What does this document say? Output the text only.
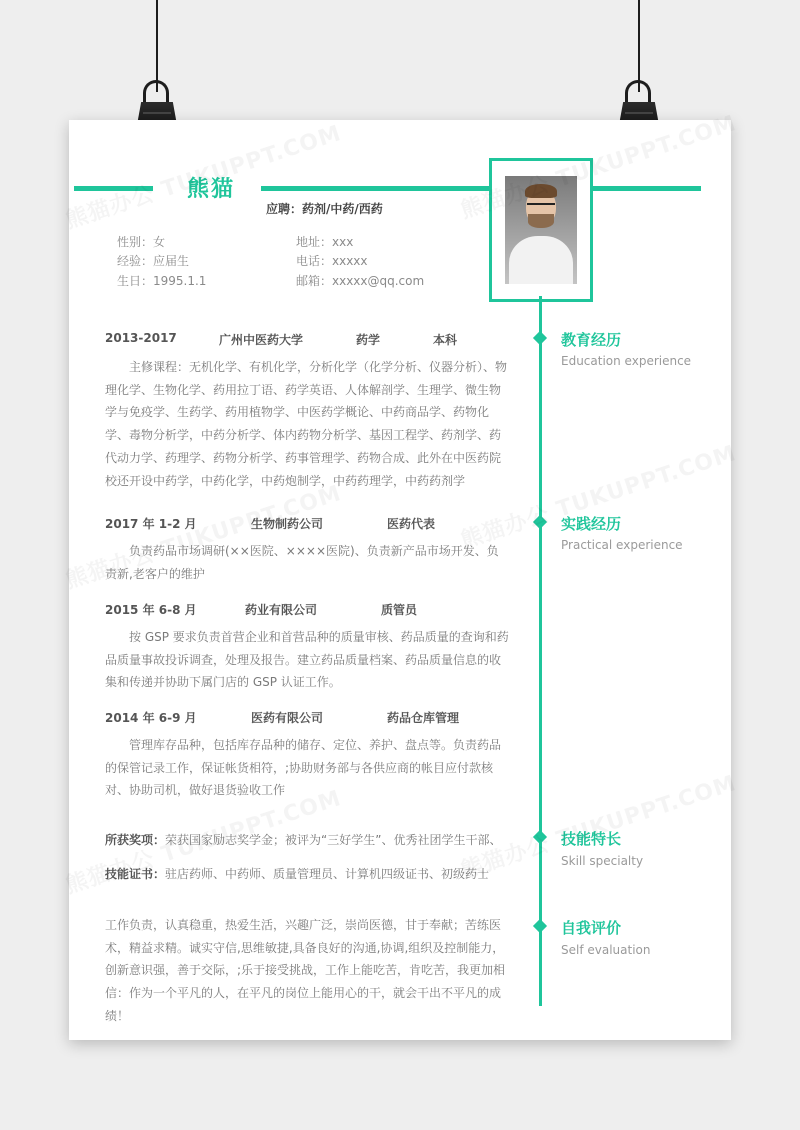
熊猫
应聘：药剂/中药/西药
性别：女
经验：应届生
生日：1995.1.1
地址：xxx
电话：xxxxx
邮箱：xxxxx@qq.com
教育经历
Education experience
实践经历
Practical experience
技能特长
Skill specialty
自我评价
Self evaluation
2013-2017	广州中医药大学	药学	本科
主修课程：无机化学、有机化学，分析化学（化学分析、仪器分析）、物理化学、生物化学、药用拉丁语、药学英语、人体解剖学、生理学、微生物学与免疫学、生药学、药用植物学、中医药学概论、中药商品学、药物化学、毒物分析学，中药分析学、体内药物分析学、基因工程学、药剂学、药代动力学、药理学、药物分析学、药事管理学、药物合成、此外在中医药院校还开设中药学，中药化学，中药炮制学，中药药理学，中药药剂学
2017 年 1-2 月	生物制药公司	医药代表
负责药品市场调研(××医院、××××医院)、负责新产品市场开发、负责新,老客户的维护
2015 年 6-8 月	药业有限公司	质管员
按 GSP 要求负责首营企业和首营品种的质量审核、药品质量的查询和药品质量事故投诉调查，处理及报告。建立药品质量档案、药品质量信息的收集和传递并协助下属门店的 GSP 认证工作。
2014 年 6-9 月	医药有限公司	药品仓库管理
管理库存品种，包括库存品种的储存、定位、养护、盘点等。负责药品的保管记录工作，保证帐货相符，;协助财务部与各供应商的帐目应付款核对、协助司机，做好退货验收工作
所获奖项：荣获国家励志奖学金；被评为“三好学生”、优秀社团学生干部、
技能证书：驻店药师、中药师、质量管理员、计算机四级证书、初级药士
工作负责，认真稳重，热爱生活，兴趣广泛，崇尚医德，甘于奉献；苦练医术，精益求精。诚实守信,思维敏捷,具备良好的沟通,协调,组织及控制能力，创新意识强，善于交际，;乐于接受挑战，工作上能吃苦，肯吃苦，我更加相信：作为一个平凡的人，在平凡的岗位上能用心的干，就会干出不平凡的成绩！
